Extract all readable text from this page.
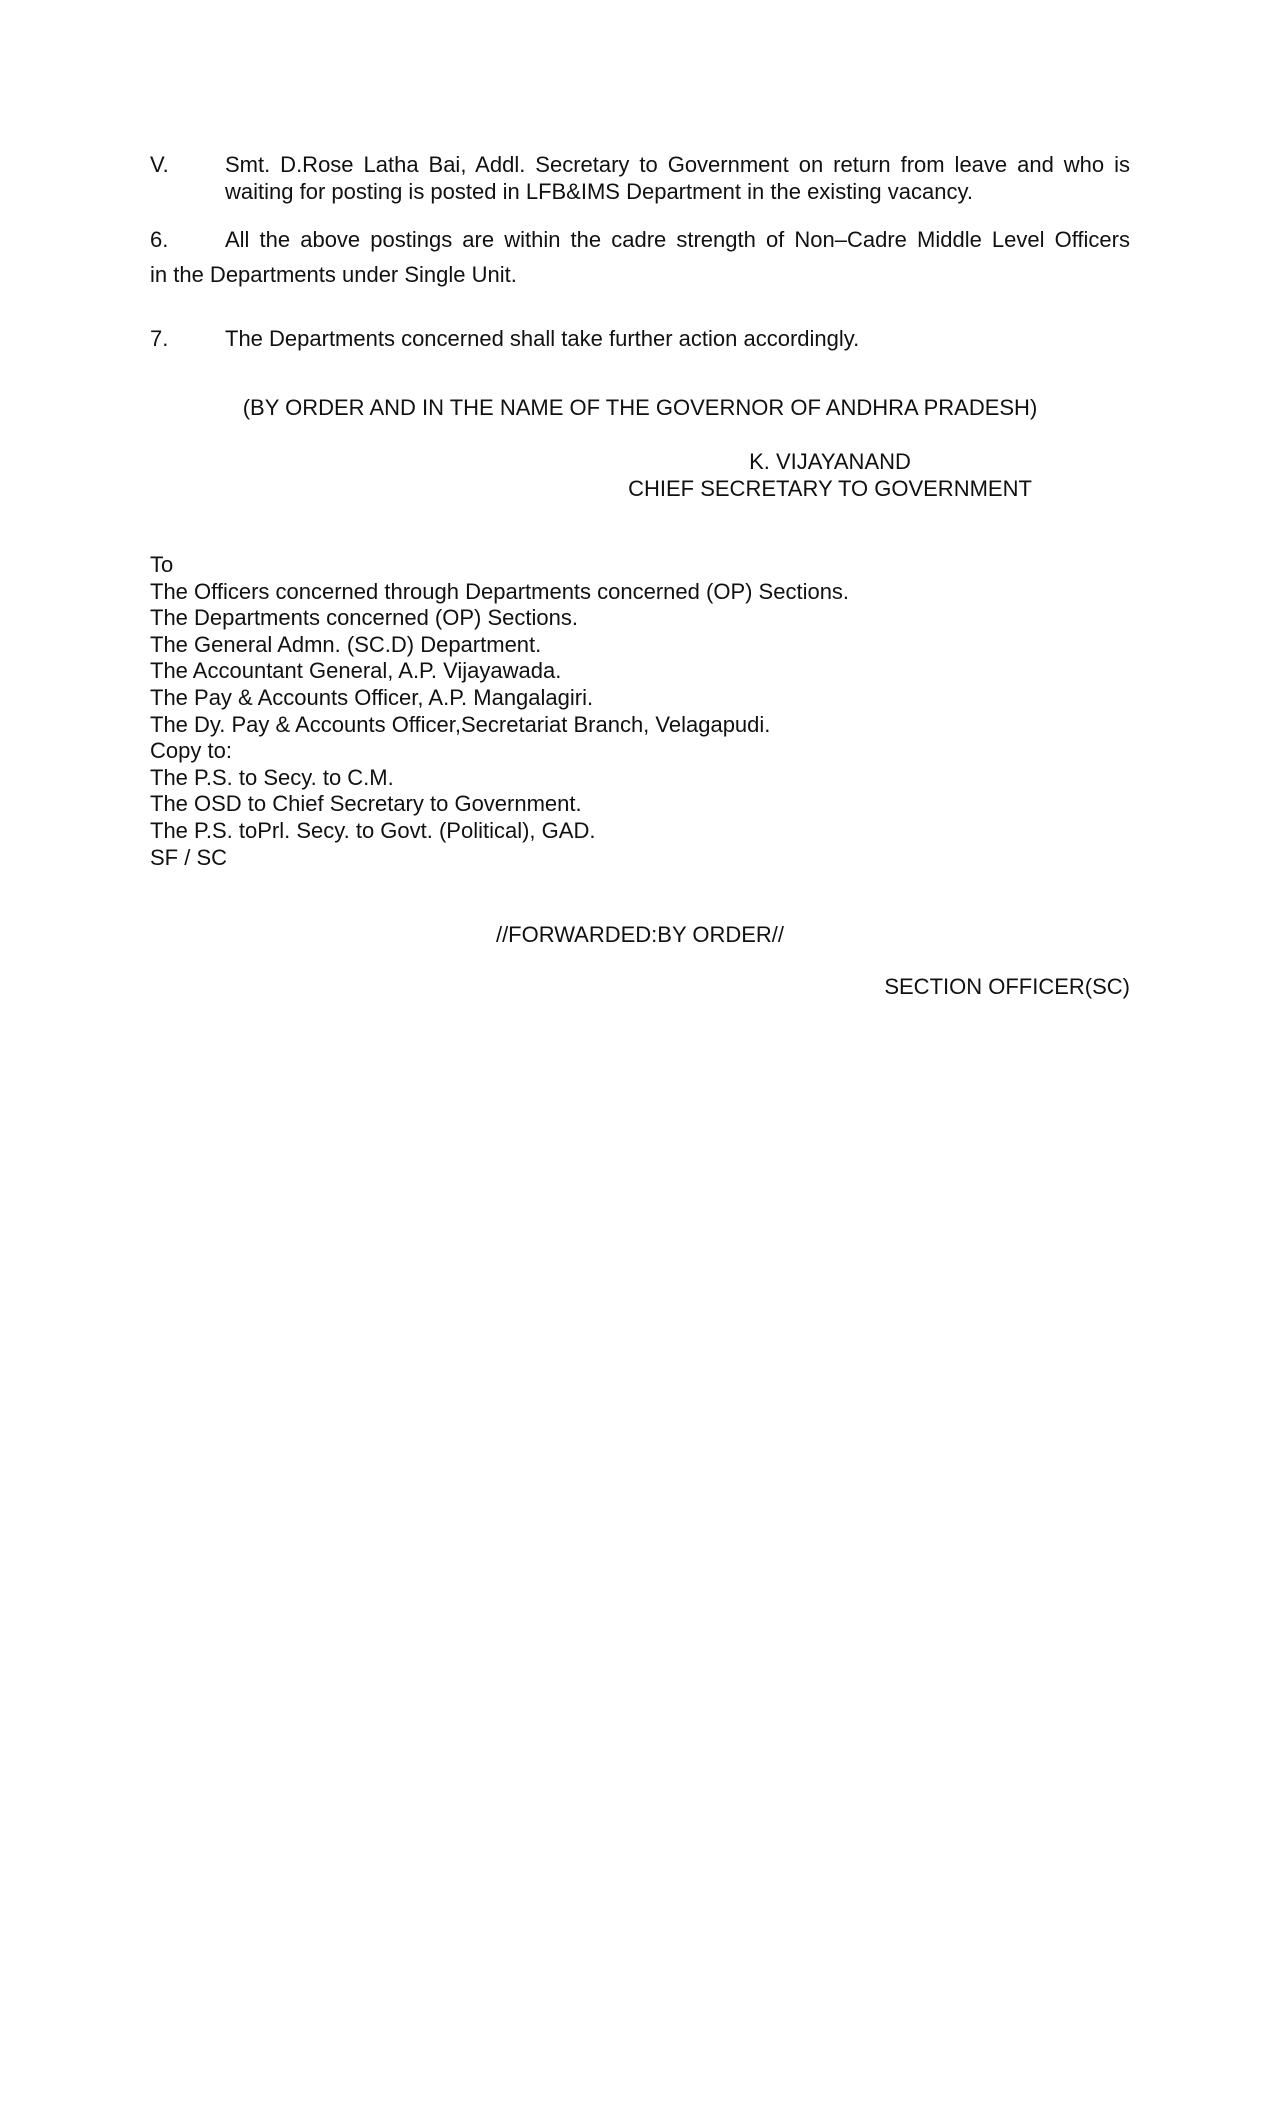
V.	Smt. D.Rose Latha Bai, Addl. Secretary to Government on return from leave and who is waiting for posting is posted in LFB&IMS Department in the existing vacancy.
6.	All the above postings are within the cadre strength of Non–Cadre Middle Level Officers
in the Departments under Single Unit.
7.	The Departments concerned shall take further action accordingly.
(BY ORDER AND IN THE NAME OF THE GOVERNOR OF ANDHRA PRADESH)
K. VIJAYANAND
CHIEF SECRETARY TO GOVERNMENT
To
The Officers concerned through Departments concerned (OP) Sections.
The Departments concerned (OP) Sections.
The General Admn. (SC.D) Department.
The Accountant General, A.P. Vijayawada.
The Pay & Accounts Officer, A.P. Mangalagiri.
The Dy. Pay & Accounts Officer,Secretariat Branch, Velagapudi.
Copy to:
The P.S. to Secy. to C.M.
The OSD to Chief Secretary to Government.
The P.S. toPrl. Secy. to Govt. (Political), GAD.
SF / SC
//FORWARDED:BY ORDER//
SECTION OFFICER(SC)
